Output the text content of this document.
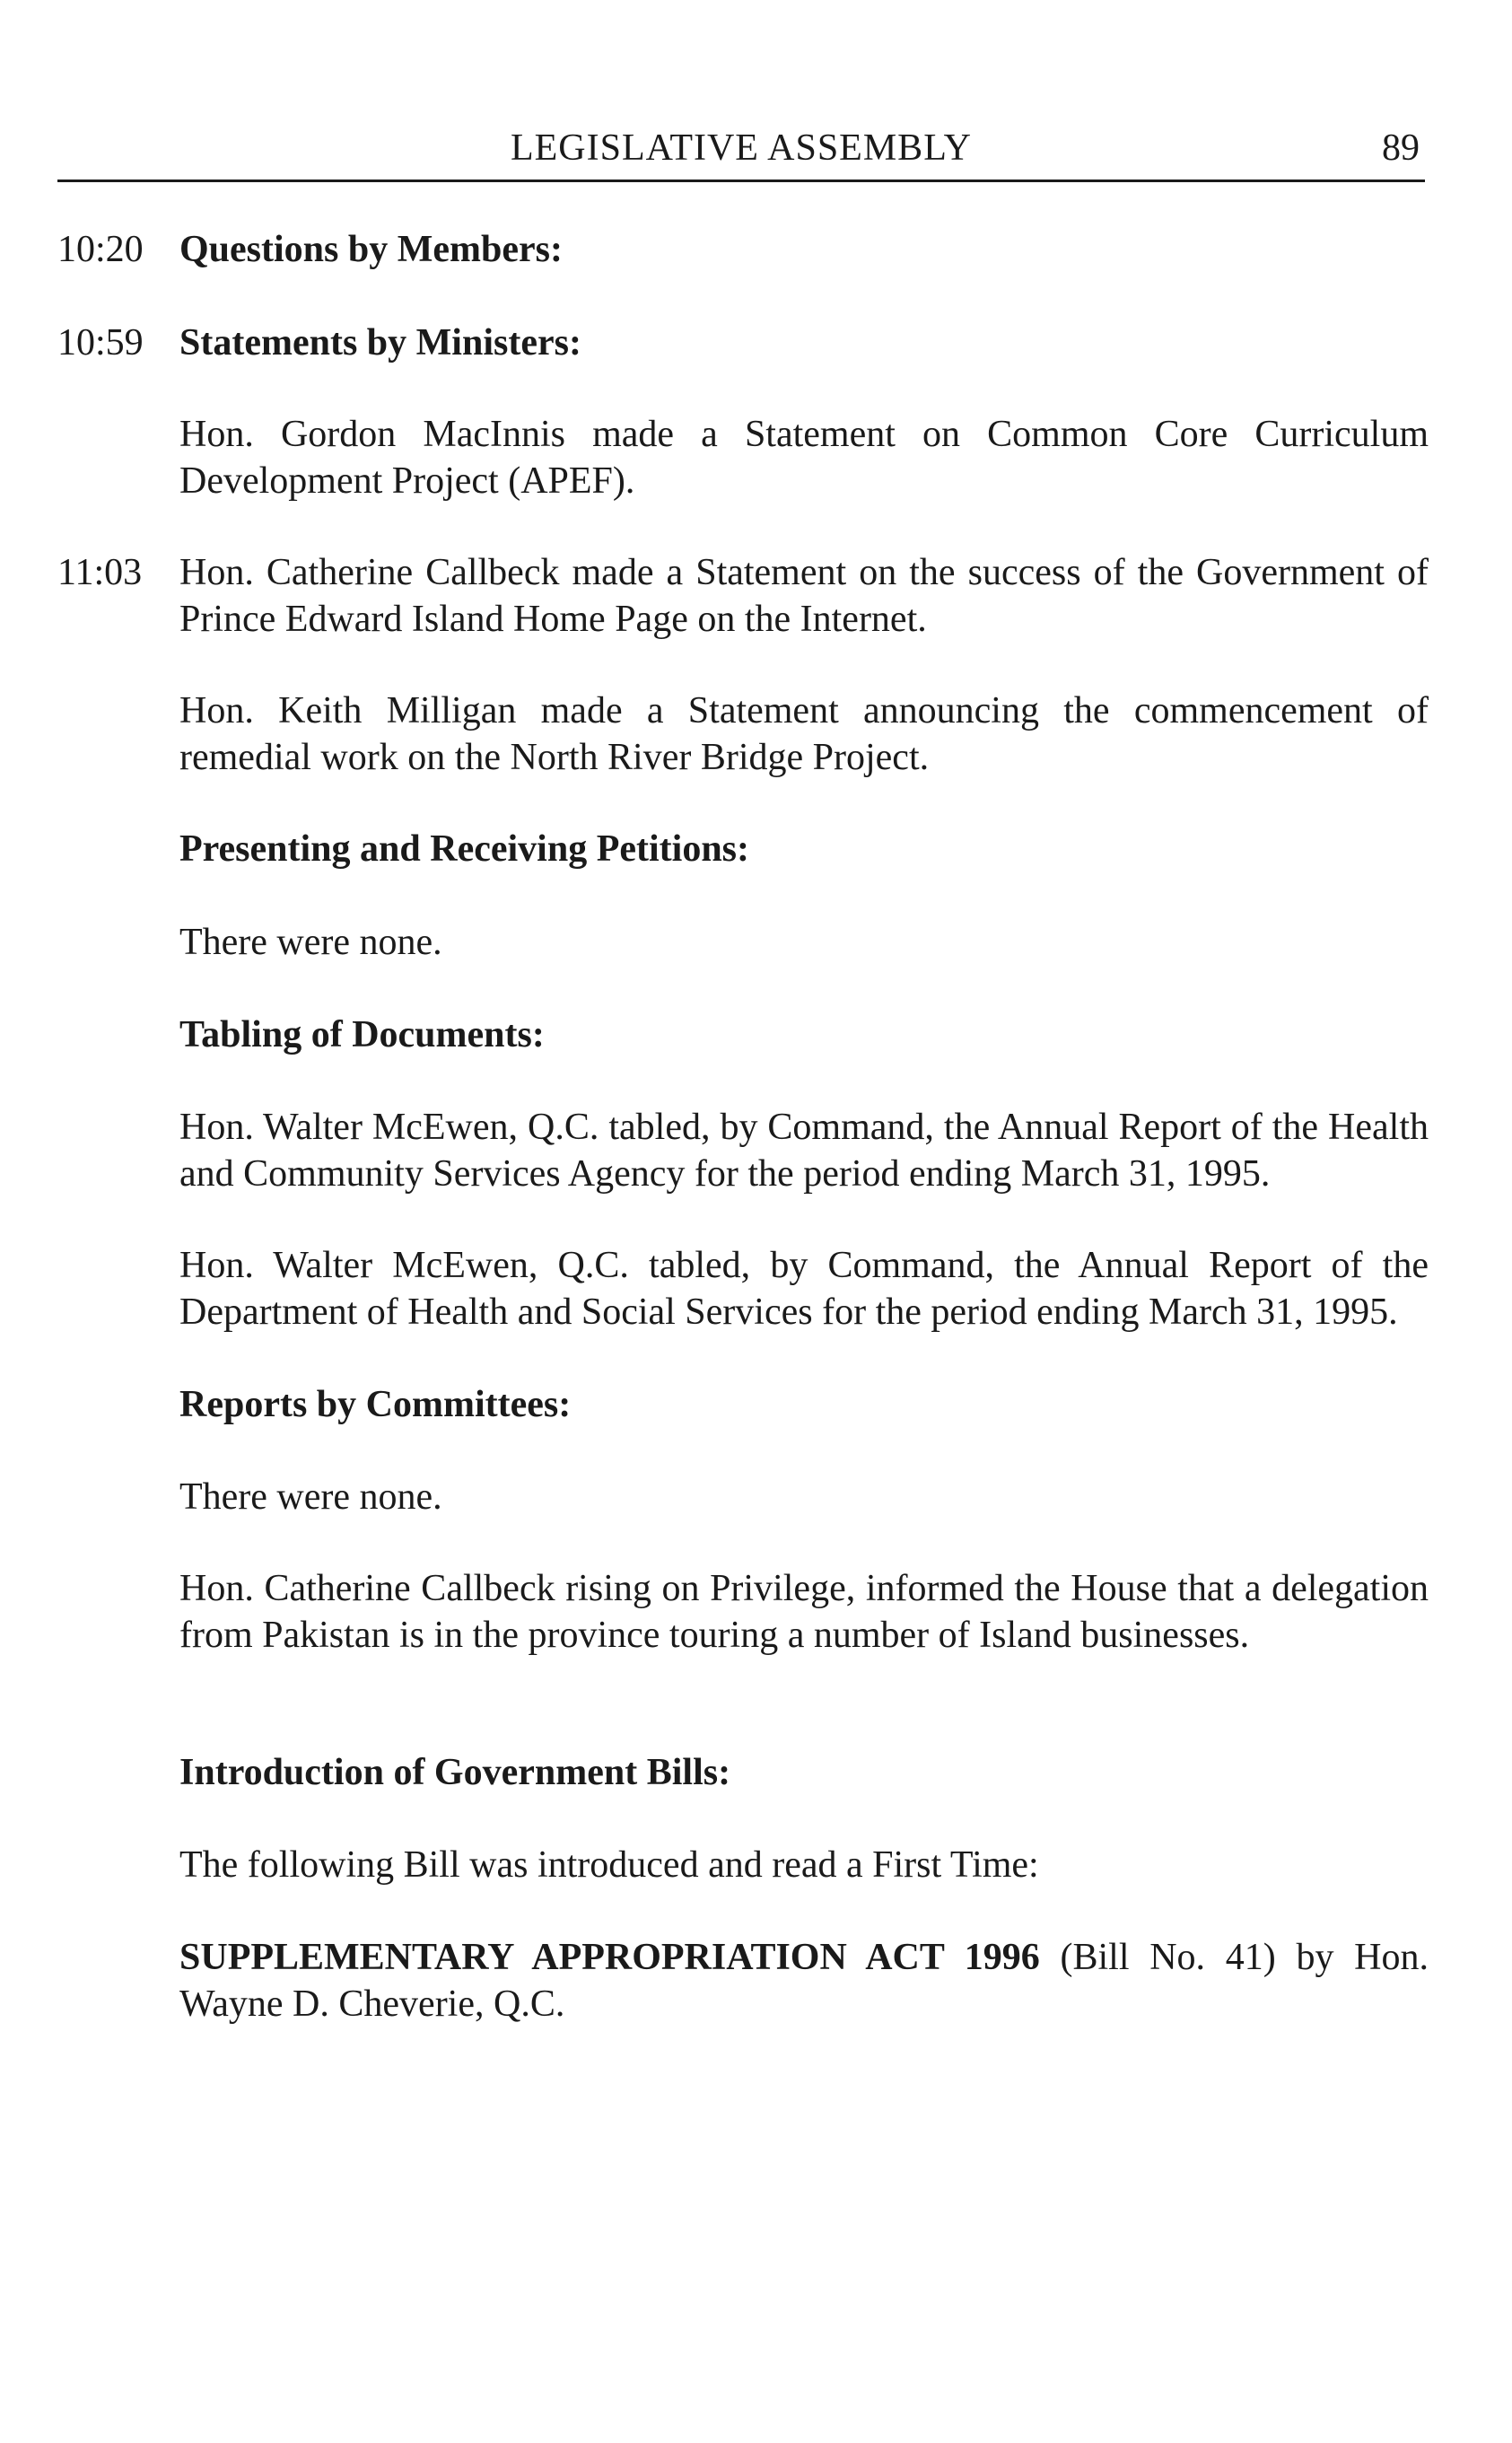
LEGISLATIVE ASSEMBLY	89
10:20 Questions by Members:
10:59 Statements by Ministers:
Hon. Gordon MacInnis made a Statement on Common Core Curriculum Development Project (APEF).
11:03 Hon. Catherine Callbeck made a Statement on the success of the Government of Prince Edward Island Home Page on the Internet.
Hon. Keith Milligan made a Statement announcing the commencement of remedial work on the North River Bridge Project.
Presenting and Receiving Petitions:
There were none.
Tabling of Documents:
Hon. Walter McEwen, Q.C. tabled, by Command, the Annual Report of the Health and Community Services Agency for the period ending March 31, 1995.
Hon. Walter McEwen, Q.C. tabled, by Command, the Annual Report of the Department of Health and Social Services for the period ending March 31, 1995.
Reports by Committees:
There were none.
Hon. Catherine Callbeck rising on Privilege, informed the House that a delegation from Pakistan is in the province touring a number of Island businesses.
Introduction of Government Bills:
The following Bill was introduced and read a First Time:
SUPPLEMENTARY APPROPRIATION ACT 1996 (Bill No. 41) by Hon. Wayne D. Cheverie, Q.C.
